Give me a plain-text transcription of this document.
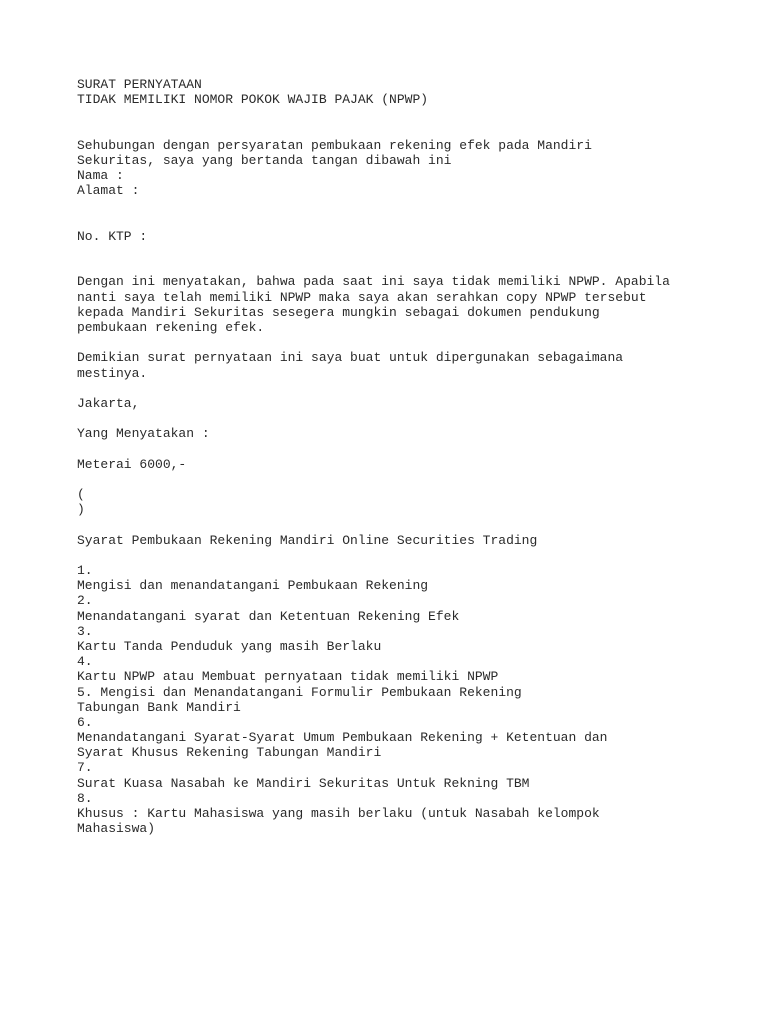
SURAT PERNYATAAN
TIDAK MEMILIKI NOMOR POKOK WAJIB PAJAK (NPWP)
Sehubungan dengan persyaratan pembukaan rekening efek pada Mandiri
Sekuritas, saya yang bertanda tangan dibawah ini
Nama :
Alamat :
No. KTP :
Dengan ini menyatakan, bahwa pada saat ini saya tidak memiliki NPWP. Apabila
nanti saya telah memiliki NPWP maka saya akan serahkan copy NPWP tersebut
kepada Mandiri Sekuritas sesegera mungkin sebagai dokumen pendukung
pembukaan rekening efek.
Demikian surat pernyataan ini saya buat untuk dipergunakan sebagaimana
mestinya.
Jakarta,
Yang Menyatakan :
Meterai 6000,-
(
)
Syarat Pembukaan Rekening Mandiri Online Securities Trading
1.
Mengisi dan menandatangani Pembukaan Rekening
2.
Menandatangani syarat dan Ketentuan Rekening Efek
3.
Kartu Tanda Penduduk yang masih Berlaku
4.
Kartu NPWP atau Membuat pernyataan tidak memiliki NPWP
5. Mengisi dan Menandatangani Formulir Pembukaan Rekening
Tabungan Bank Mandiri
6.
Menandatangani Syarat-Syarat Umum Pembukaan Rekening + Ketentuan dan
Syarat Khusus Rekening Tabungan Mandiri
7.
Surat Kuasa Nasabah ke Mandiri Sekuritas Untuk Rekning TBM
8.
Khusus : Kartu Mahasiswa yang masih berlaku (untuk Nasabah kelompok
Mahasiswa)
